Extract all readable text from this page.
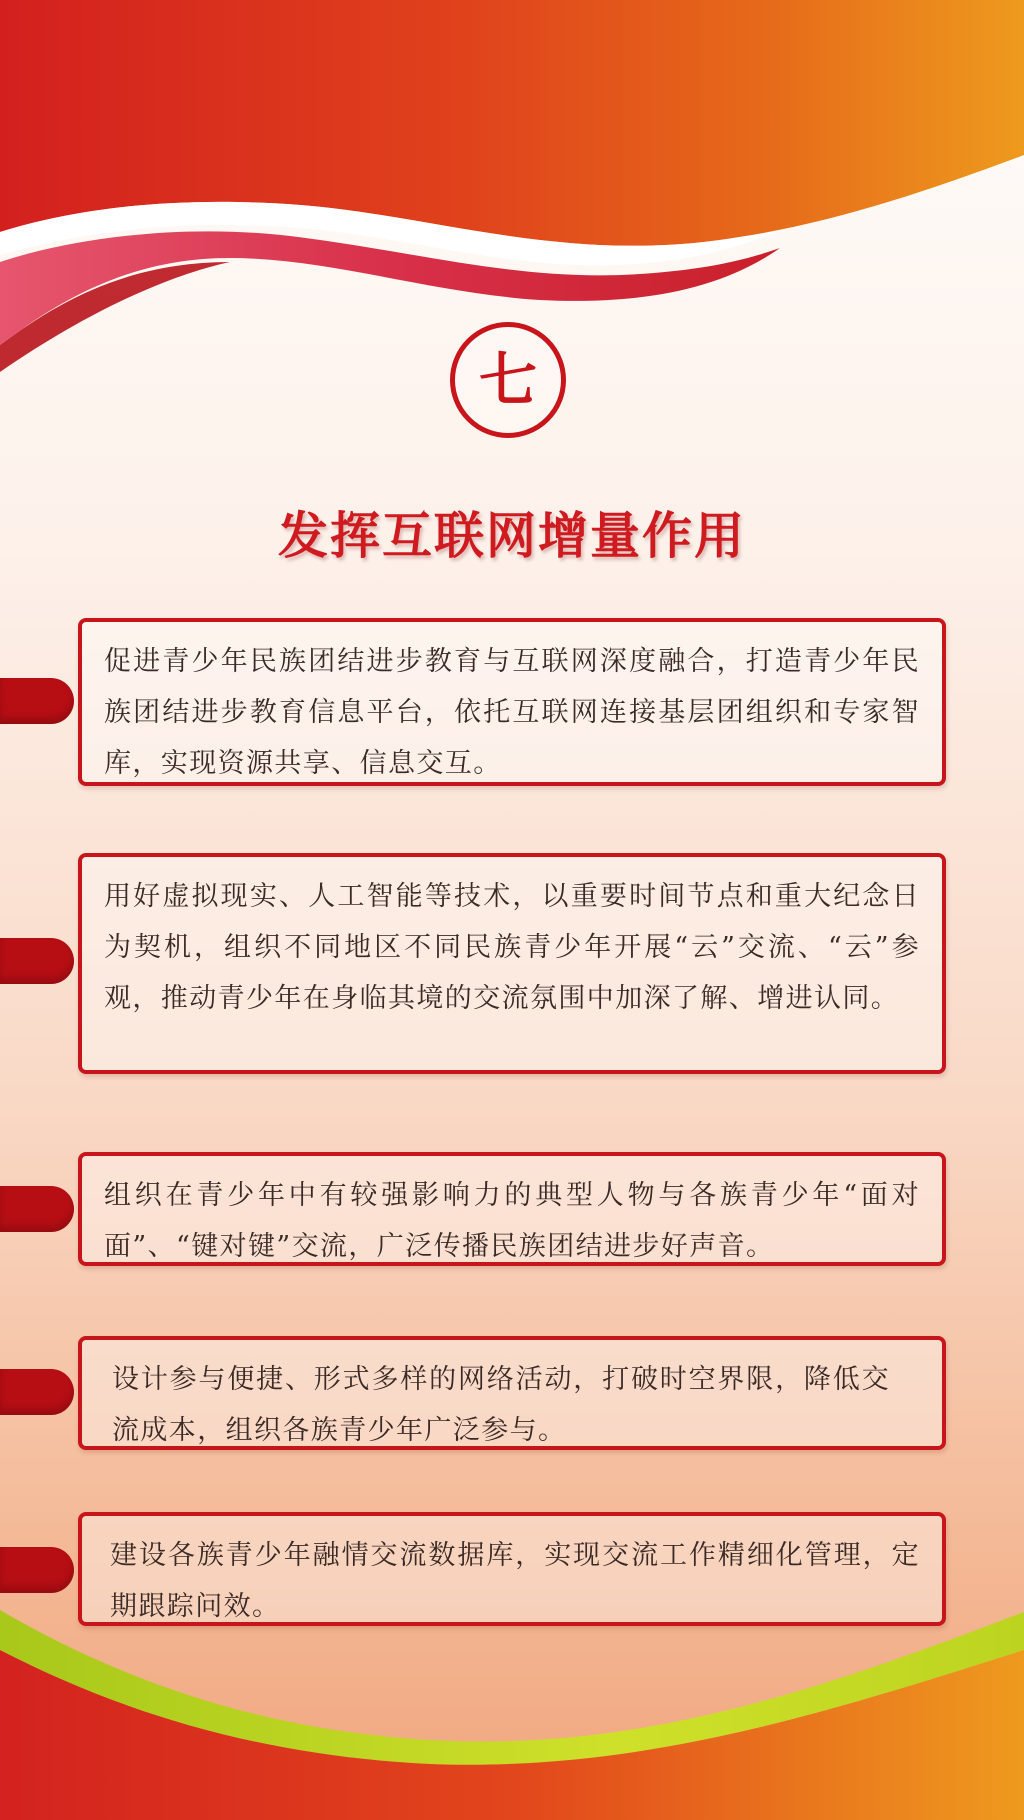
七
发挥互联网增量作用

促进青少年民族团结进步教育与互联网深度融合，打造青少年民族团结进步教育信息平台，依托互联网连接基层团组织和专家智库，实现资源共享、信息交互。

用好虚拟现实、人工智能等技术，以重要时间节点和重大纪念日为契机，组织不同地区不同民族青少年开展“云”交流、“云”参观，推动青少年在身临其境的交流氛围中加深了解、增进认同。

组织在青少年中有较强影响力的典型人物与各族青少年“面对面”、“键对键”交流，广泛传播民族团结进步好声音。

设计参与便捷、形式多样的网络活动，打破时空界限，降低交流成本，组织各族青少年广泛参与。

建设各族青少年融情交流数据库，实现交流工作精细化管理，定期跟踪问效。
